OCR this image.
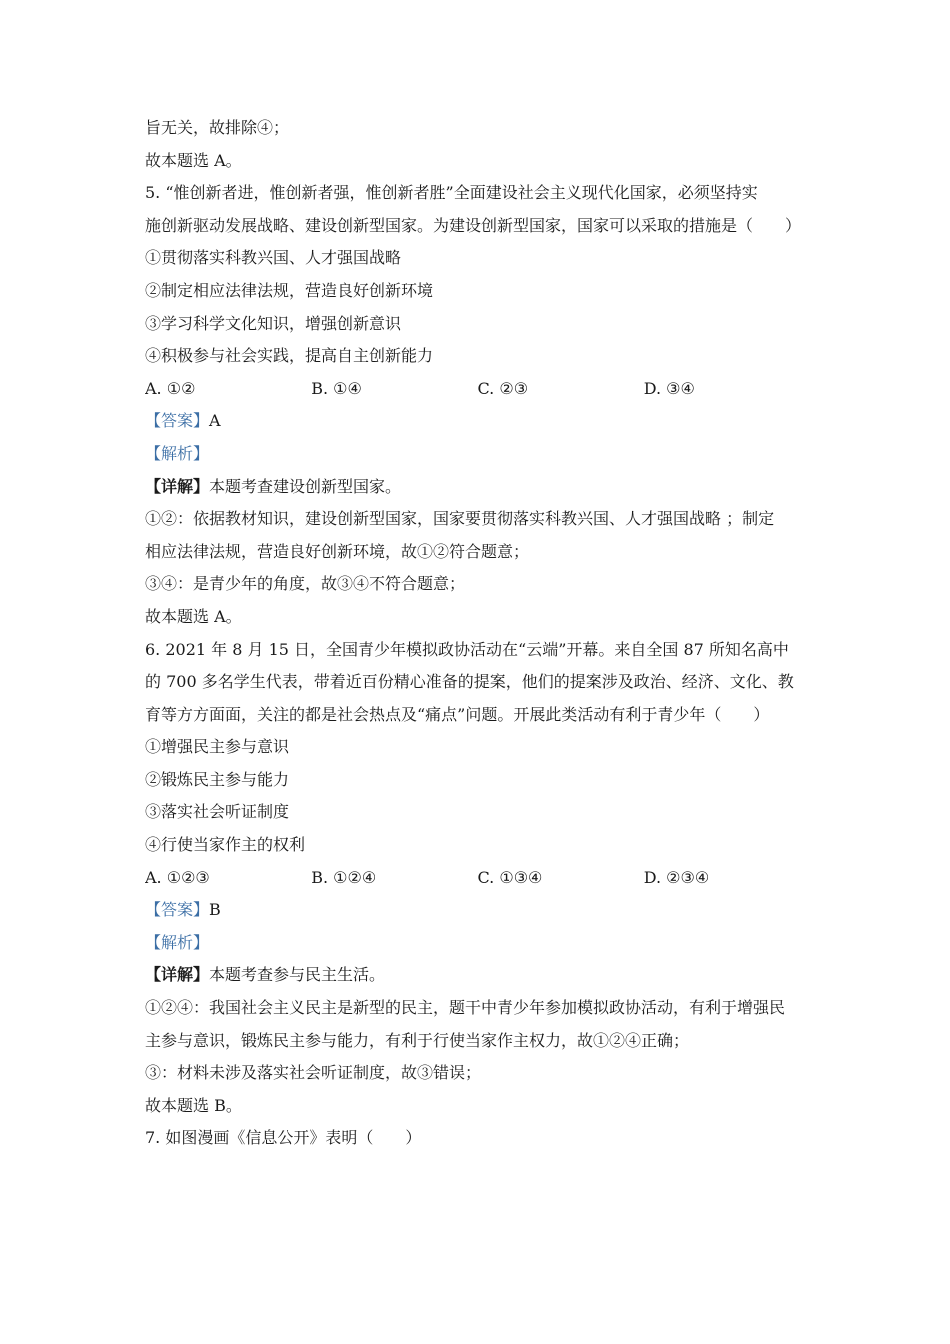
旨无关，故排除④；
故本题选 A。
5. “惟创新者进，惟创新者强，惟创新者胜”全面建设社会主义现代化国家，必须坚持实
施创新驱动发展战略、建设创新型国家。为建设创新型国家，国家可以采取的措施是（　　）
①贯彻落实科教兴国、人才强国战略
②制定相应法律法规，营造良好创新环境
③学习科学文化知识，增强创新意识
④积极参与社会实践，提高自主创新能力
A. ①②	B. ①④	C. ②③	D. ③④
【答案】A
【解析】
【详解】本题考查建设创新型国家。
①②：依据教材知识，建设创新型国家，国家要贯彻落实科教兴国、人才强国战略 ；制定
相应法律法规，营造良好创新环境，故①②符合题意；
③④：是青少年的角度，故③④不符合题意；
故本题选 A。
6. 2021 年 8 月 15 日，全国青少年模拟政协活动在“云端”开幕。来自全国 87 所知名高中
的 700 多名学生代表，带着近百份精心准备的提案，他们的提案涉及政治、经济、文化、教
育等方方面面，关注的都是社会热点及“痛点”问题。开展此类活动有利于青少年（　　）
①增强民主参与意识
②锻炼民主参与能力
③落实社会听证制度
④行使当家作主的权利
A. ①②③	B. ①②④	C. ①③④	D. ②③④
【答案】B
【解析】
【详解】本题考查参与民主生活。
①②④：我国社会主义民主是新型的民主，题干中青少年参加模拟政协活动，有利于增强民
主参与意识，锻炼民主参与能力，有利于行使当家作主权力，故①②④正确；
③：材料未涉及落实社会听证制度，故③错误；
故本题选 B。
7. 如图漫画《信息公开》表明（　　）
